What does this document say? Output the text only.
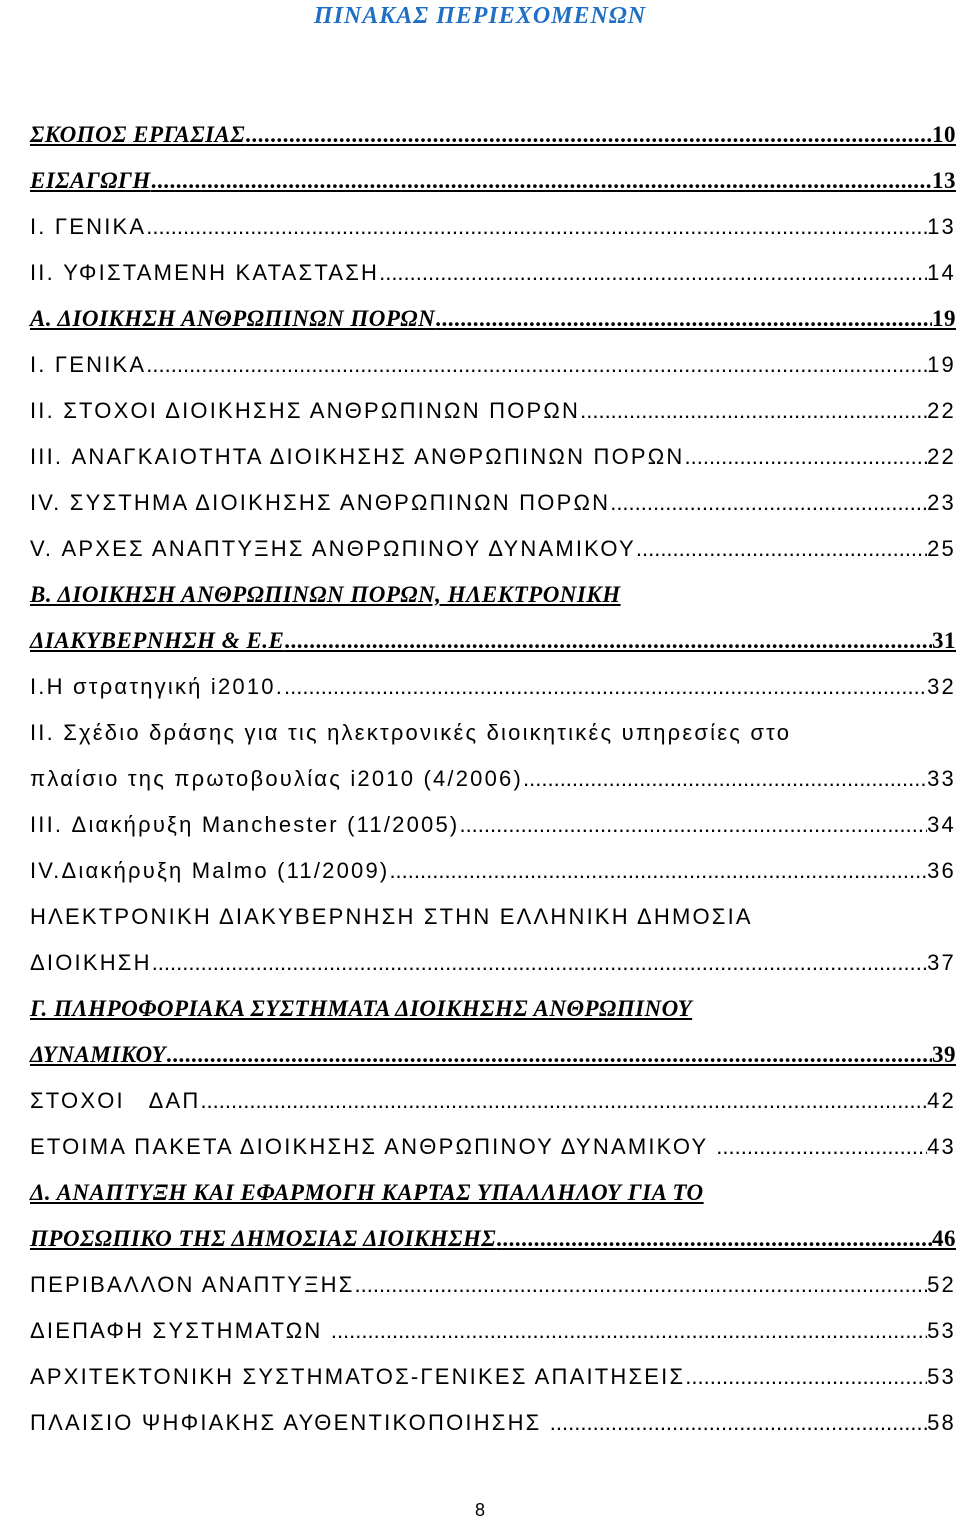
ΠΙΝΑΚΑΣ ΠΕΡΙΕΧΟΜΕΝΩΝ
ΣΚΟΠΟΣ ΕΡΓΑΣΙΑΣ .....	10
ΕΙΣΑΓΩΓΗ .....	13
I. ΓΕΝΙΚΑ .....	13
II. ΥΦΙΣΤΑΜΕΝΗ ΚΑΤΑΣΤΑΣΗ .....	14
Α. ΔΙΟΙΚΗΣΗ ΑΝΘΡΩΠΙΝΩΝ ΠΟΡΩΝ .....	19
I. ΓΕΝΙΚΑ .....	19
II. ΣΤΟΧΟΙ ΔΙΟΙΚΗΣΗΣ ΑΝΘΡΩΠΙΝΩΝ ΠΟΡΩΝ .....	22
III. ΑΝΑΓΚΑΙΟΤΗΤΑ ΔΙΟΙΚΗΣΗΣ ΑΝΘΡΩΠΙΝΩΝ ΠΟΡΩΝ .....	22
IV. ΣΥΣΤΗΜΑ ΔΙΟΙΚΗΣΗΣ ΑΝΘΡΩΠΙΝΩΝ ΠΟΡΩΝ .....	23
V. ΑΡΧΕΣ ΑΝΑΠΤΥΞΗΣ ΑΝΘΡΩΠΙΝΟΥ ΔΥΝΑΜΙΚΟΥ .....	25
Β. ΔΙΟΙΚΗΣΗ ΑΝΘΡΩΠΙΝΩΝ ΠΟΡΩΝ, ΗΛΕΚΤΡΟΝΙΚΗ
ΔΙΑΚΥΒΕΡΝΗΣΗ & Ε.Ε .....	31
I.Η στρατηγική i2010. .....	32
II. Σχέδιο δράσης για τις ηλεκτρονικές διοικητικές υπηρεσίες στο
πλαίσιο της πρωτοβουλίας i2010 (4/2006) .....	33
III. Διακήρυξη Manchester (11/2005) .....	34
IV.Διακήρυξη Malmo (11/2009) .....	36
ΗΛΕΚΤΡΟΝΙΚΗ ΔΙΑΚΥΒΕΡΝΗΣΗ ΣΤΗΝ ΕΛΛΗΝΙΚΗ ΔΗΜΟΣΙΑ
ΔΙΟΙΚΗΣΗ .....	37
Γ. ΠΛΗΡΟΦΟΡΙΑΚΑ ΣΥΣΤΗΜΑΤΑ ΔΙΟΙΚΗΣΗΣ ΑΝΘΡΩΠΙΝΟΥ
ΔΥΝΑΜΙΚΟΥ .....	39
ΣΤΟΧΟΙ   ΔΑΠ .....	42
ΕΤΟΙΜΑ ΠΑΚΕΤΑ ΔΙΟΙΚΗΣΗΣ ΑΝΘΡΩΠΙΝΟΥ ΔΥΝΑΜΙΚΟΥ .....	43
Δ. ΑΝΑΠΤΥΞΗ ΚΑΙ ΕΦΑΡΜΟΓΗ ΚΑΡΤΑΣ ΥΠΑΛΛΗΛΟΥ ΓΙΑ ΤΟ
ΠΡΟΣΩΠΙΚΟ ΤΗΣ ΔΗΜΟΣΙΑΣ ΔΙΟΙΚΗΣΗΣ .....	46
ΠΕΡΙΒΑΛΛΟΝ ΑΝΑΠΤΥΞΗΣ .....	52
ΔΙΕΠΑΦΗ ΣΥΣΤΗΜΑΤΩΝ .....	53
ΑΡΧΙΤΕΚΤΟΝΙΚΗ ΣΥΣΤΗΜΑΤΟΣ-ΓΕΝΙΚΕΣ ΑΠΑΙΤΗΣΕΙΣ .....	53
ΠΛΑΙΣΙΟ ΨΗΦΙΑΚΗΣ ΑΥΘΕΝΤΙΚΟΠΟΙΗΣΗΣ .....	58
8
